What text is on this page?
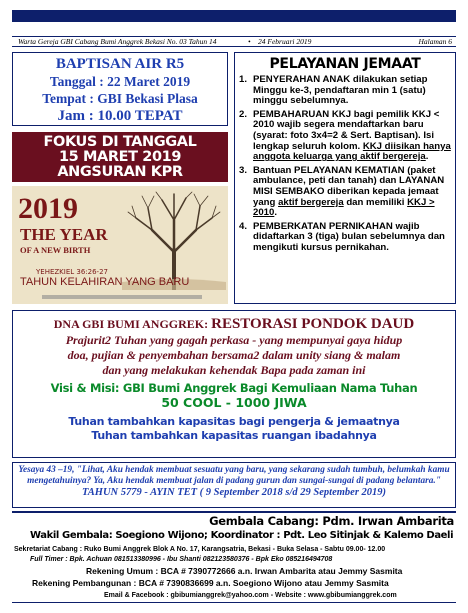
Warta Gereja GBI Cabang Bumi Anggrek Bekasi No. 03 Tahun 14	• 24 Februari 2019	Halaman 6
BAPTISAN AIR R5
Tanggal : 22 Maret 2019
Tempat : GBI Bekasi Plasa
Jam : 10.00 TEPAT
FOKUS DI TANGGAL
15 MARET 2019
ANGSURAN KPR
2019
THE YEAR
OF A NEW BIRTH
YEHEZKIEL 36:26-27
TAHUN KELAHIRAN YANG BARU
PELAYANAN JEMAAT
1. PENYERAHAN ANAK dilakukan setiap Minggu ke-3, pendaftaran min 1 (satu) minggu sebelumnya.
2. PEMBAHARUAN KKJ bagi pemilik KKJ < 2010 wajib segera mendaftarkan baru (syarat: foto 3x4=2 & Sert. Baptisan). Isi lengkap seluruh kolom. KKJ diisikan hanya anggota keluarga yang aktif bergereja.
3. Bantuan PELAYANAN KEMATIAN (paket ambulance, peti dan tanah) dan LAYANAN MISI SEMBAKO diberikan kepada jemaat yang aktif bergereja dan memiliki KKJ > 2010.
4. PEMBERKATAN PERNIKAHAN wajib didaftarkan 3 (tiga) bulan sebelumnya dan mengikuti kursus pernikahan.
DNA GBI BUMI ANGGREK: RESTORASI PONDOK DAUD
Prajurit2 Tuhan yang gagah perkasa - yang mempunyai gaya hidup
doa, pujian & penyembahan bersama2 dalam unity siang & malam
dan yang melakukan kehendak Bapa pada zaman ini
Visi & Misi: GBI Bumi Anggrek Bagi Kemuliaan Nama Tuhan
50 COOL - 1000 JIWA
Tuhan tambahkan kapasitas bagi pengerja & jemaatnya
Tuhan tambahkan kapasitas ruangan ibadahnya
Yesaya 43 –19, "Lihat, Aku hendak membuat sesuatu yang baru, yang sekarang sudah tumbuh, belumkah kamu mengetahuinya? Ya, Aku hendak membuat jalan di padang gurun dan sungai-sungai di padang belantara."
TAHUN 5779 - AYIN TET ( 9 September 2018 s/d 29 September 2019)
Gembala Cabang: Pdm. Irwan Ambarita
Wakil Gembala: Soegiono Wijono; Koordinator : Pdt. Leo Sitinjak & Kalemo Daeli
Sekretariat Cabang : Ruko Bumi Anggrek Blok A No. 17, Karangsatria, Bekasi - Buka Selasa - Sabtu 09.00- 12.00
Full Timer : Bpk. Achuan 081513380996 - Ibu Shanti 082123580376 - Bpk Eko 085216494708
Rekening Umum : BCA # 7390772666 a.n. Irwan Ambarita atau Jemmy Sasmita
Rekening Pembangunan : BCA # 7390836699 a.n. Soegiono Wijono atau Jemmy Sasmita
Email & Facebook : gbibumianggrek@yahoo.com - Website : www.gbibumianggrek.com
